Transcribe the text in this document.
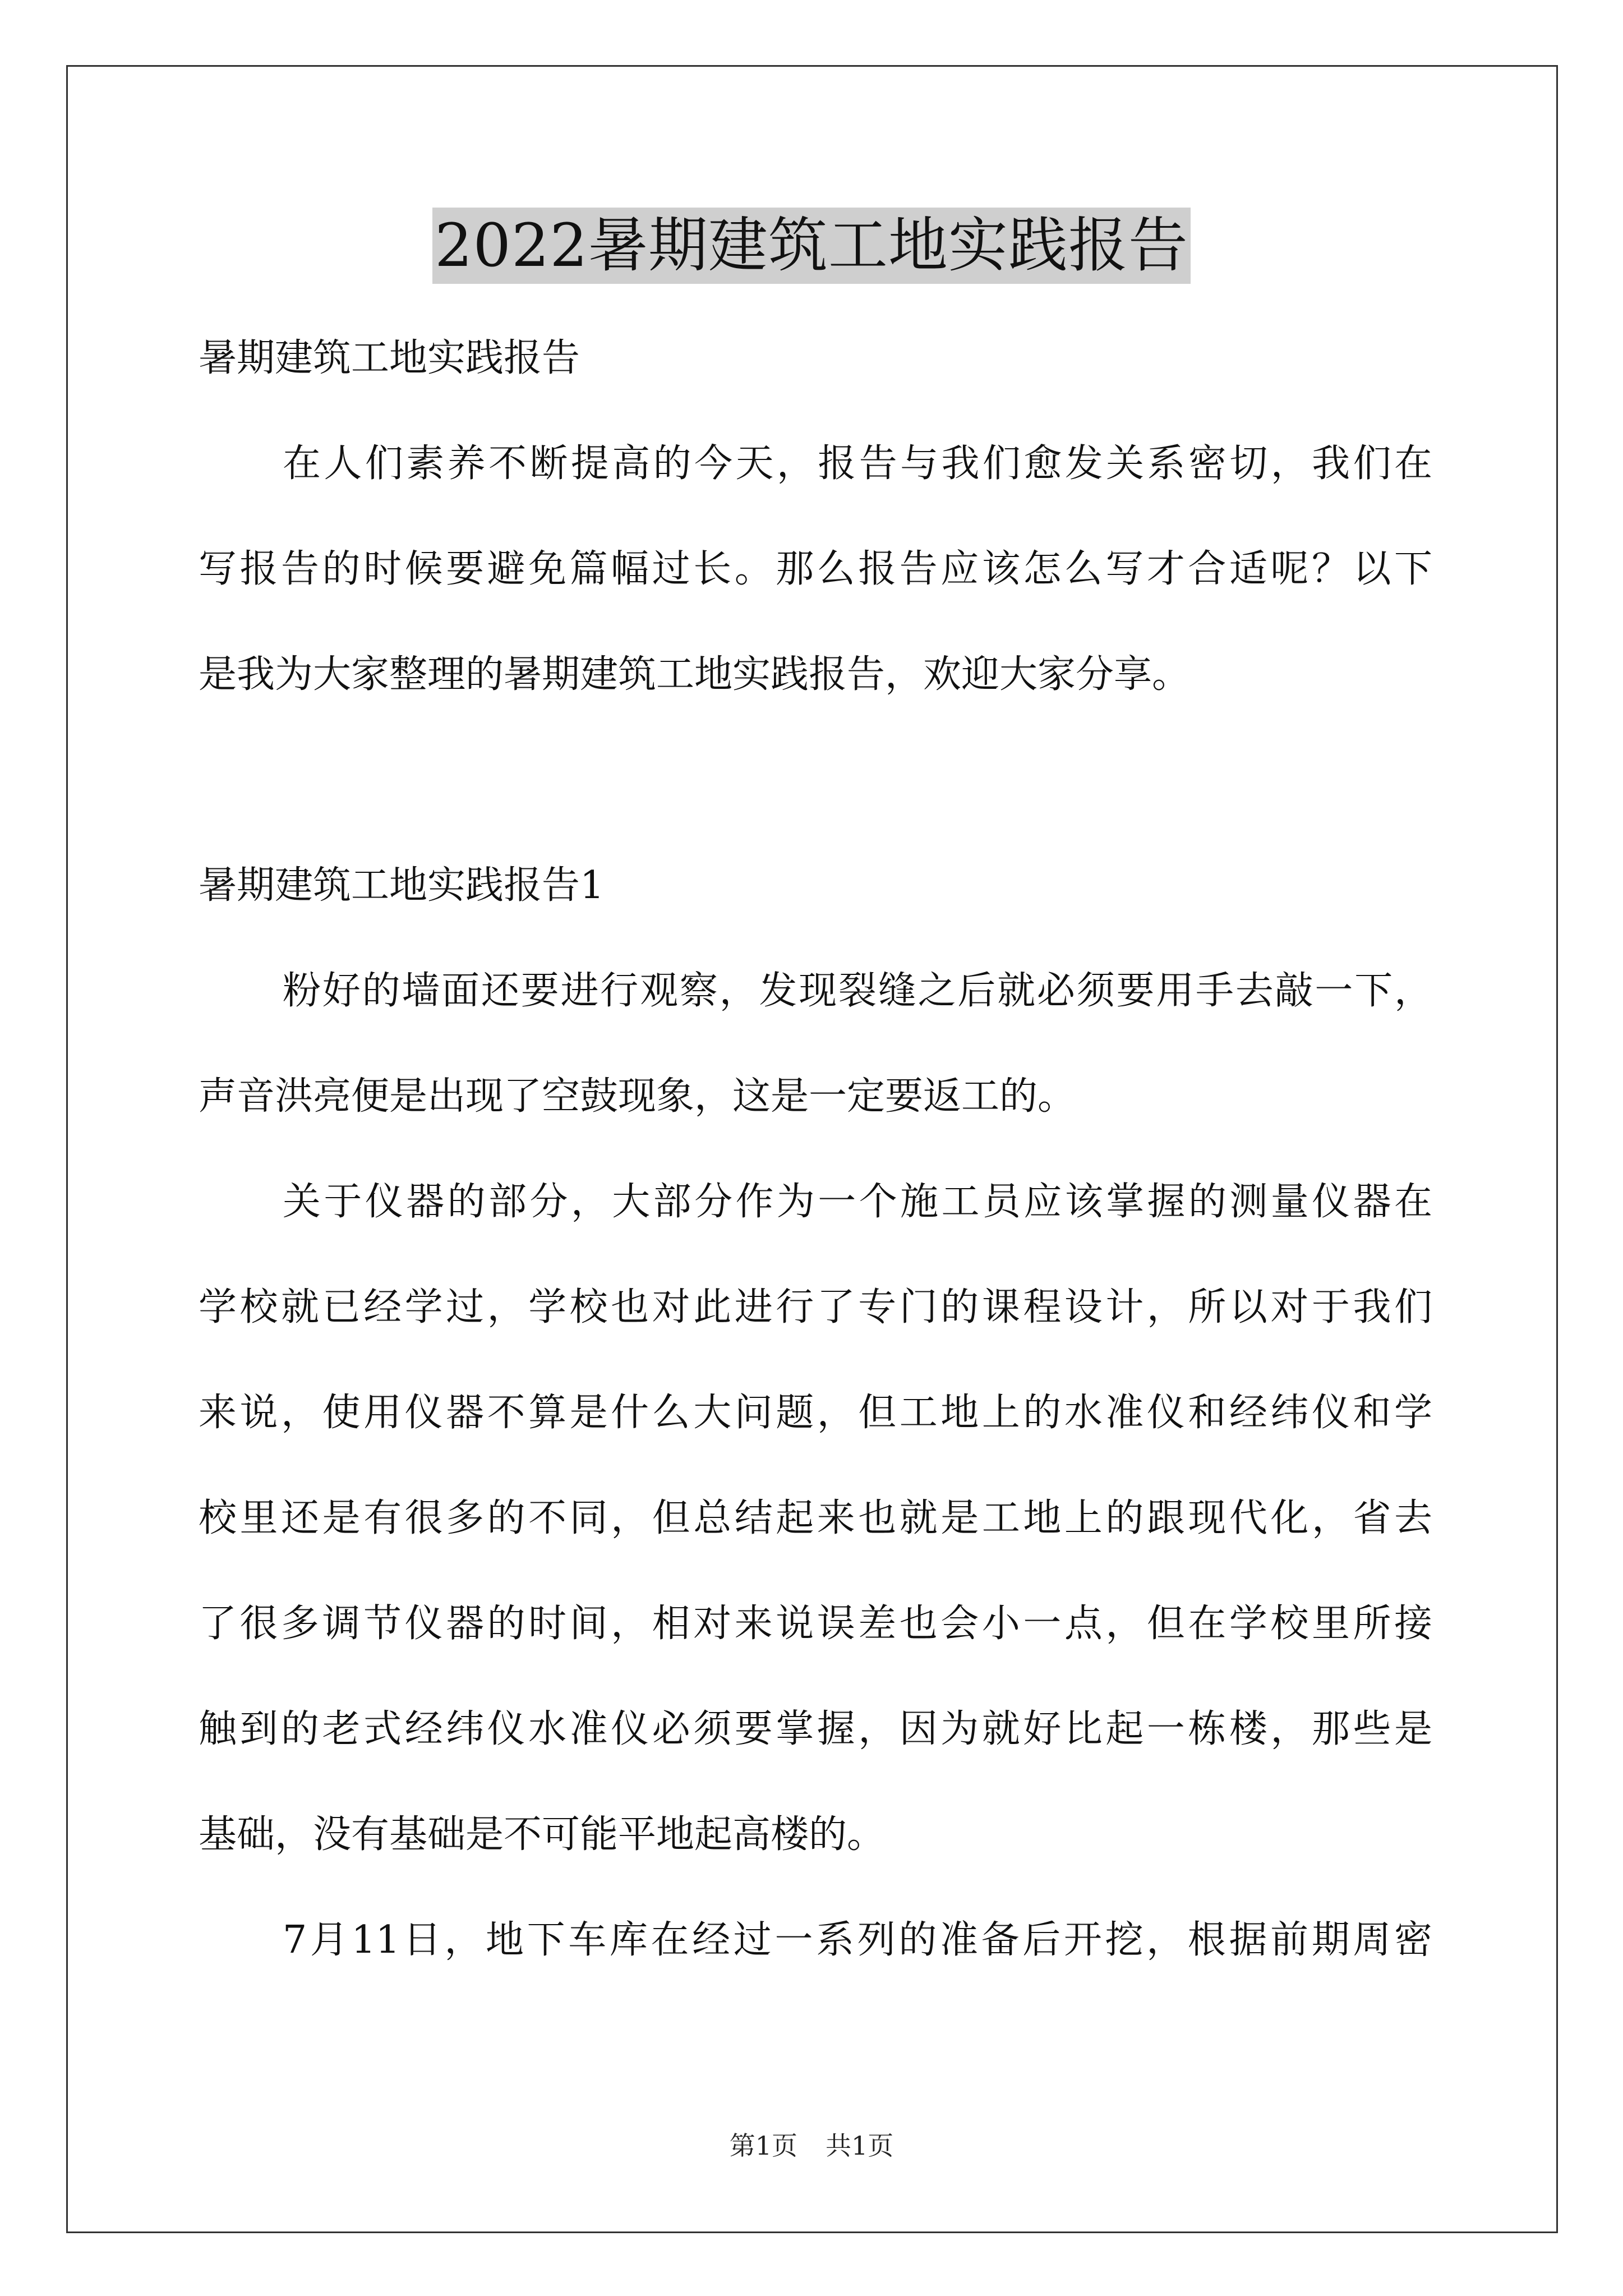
2022暑期建筑工地实践报告
暑期建筑工地实践报告
在人们素养不断提高的今天，报告与我们愈发关系密切，我们在
写报告的时候要避免篇幅过长。那么报告应该怎么写才合适呢？以下
是我为大家整理的暑期建筑工地实践报告，欢迎大家分享。
暑期建筑工地实践报告1
粉好的墙面还要进行观察，发现裂缝之后就必须要用手去敲一下，
声音洪亮便是出现了空鼓现象，这是一定要返工的。
关于仪器的部分，大部分作为一个施工员应该掌握的测量仪器在
学校就已经学过，学校也对此进行了专门的课程设计，所以对于我们
来说，使用仪器不算是什么大问题，但工地上的水准仪和经纬仪和学
校里还是有很多的不同，但总结起来也就是工地上的跟现代化，省去
了很多调节仪器的时间，相对来说误差也会小一点，但在学校里所接
触到的老式经纬仪水准仪必须要掌握，因为就好比起一栋楼，那些是
基础，没有基础是不可能平地起高楼的。
7月11日，地下车库在经过一系列的准备后开挖，根据前期周密
第1页 共1页
